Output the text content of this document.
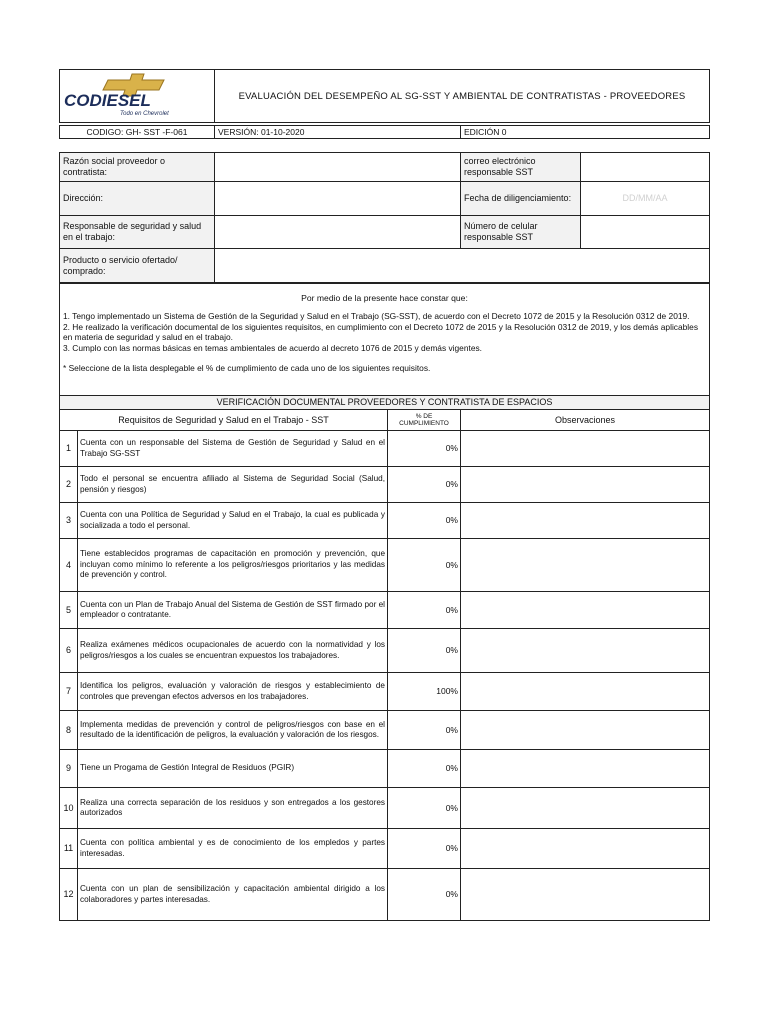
CODIESEL
Todo en Chevrolet
	EVALUACIÓN DEL DESEMPEÑO AL SG-SST Y AMBIENTAL DE CONTRATISTAS - PROVEEDORES
CODIGO: GH- SST -F-061	VERSIÓN: 01-10-2020	EDICIÓN 0
Razón social proveedor o contratista:		correo electrónico responsable SST	
Dirección:		Fecha de diligenciamiento:	DD/MM/AA
Responsable de seguridad y salud en el trabajo:		Número de celular responsable SST	
Producto o servicio ofertado/ comprado:			
Por medio de la presente hace constar que:

1. Tengo implementado un Sistema de Gestión de la Seguridad y Salud en el Trabajo (SG-SST), de acuerdo con el Decreto 1072 de 2015 y la Resolución 0312 de 2019.

2. He realizado la verificación documental de los siguientes requisitos, en cumplimiento con el Decreto 1072 de 2015 y la Resolución 0312 de 2019, y los demás aplicables en materia de seguridad y salud en el trabajo.

3. Cumplo con las normas básicas en temas ambientales de acuerdo al decreto 1076 de 2015 y demás vigentes.

* Seleccione de la lista desplegable el % de cumplimiento de cada uno de los siguientes requisitos.

VERIFICACIÓN DOCUMENTAL PROVEEDORES Y CONTRATISTA DE ESPACIOS			
Requisitos de Seguridad y Salud en el Trabajo - SST		% DE CUMPLIMIENTO	Observaciones
1	Cuenta con un responsable del Sistema de Gestión de Seguridad y Salud en el Trabajo SG-SST	0%	
2	Todo el personal se encuentra afiliado al Sistema de Seguridad Social (Salud, pensión y riesgos)	0%	
3	Cuenta con una Política de Seguridad y Salud en el Trabajo, la cual es publicada y socializada a todo el personal.	0%	
4	Tiene establecidos programas de capacitación en promoción y prevención, que incluyan como mínimo lo referente a los peligros/riesgos prioritarios y las medidas de prevención y control.	0%	
5	Cuenta con un Plan de Trabajo Anual del Sistema de Gestión de SST firmado por el empleador o contratante.	0%	
6	Realiza exámenes médicos ocupacionales de acuerdo con la normatividad y los peligros/riesgos a los cuales se encuentran expuestos los trabajadores.	0%	
7	Identifica los peligros, evaluación y valoración de riesgos y establecimiento de controles que prevengan efectos adversos en los trabajadores.	100%	
8	Implementa medidas de prevención y control de peligros/riesgos con base en el resultado de la identificación de peligros, la evaluación y valoración de los riesgos.	0%	
9	Tiene un Progama de Gestión Integral de Residuos (PGIR)	0%	
10	Realiza una correcta separación de los residuos y son entregados a los gestores autorizados	0%	
11	Cuenta con política ambiental y es de conocimiento de los empledos y partes interesadas.	0%	
12	Cuenta con un plan de sensibilización y capacitación ambiental dirigido a los colaboradores y partes interesadas.	0%	
